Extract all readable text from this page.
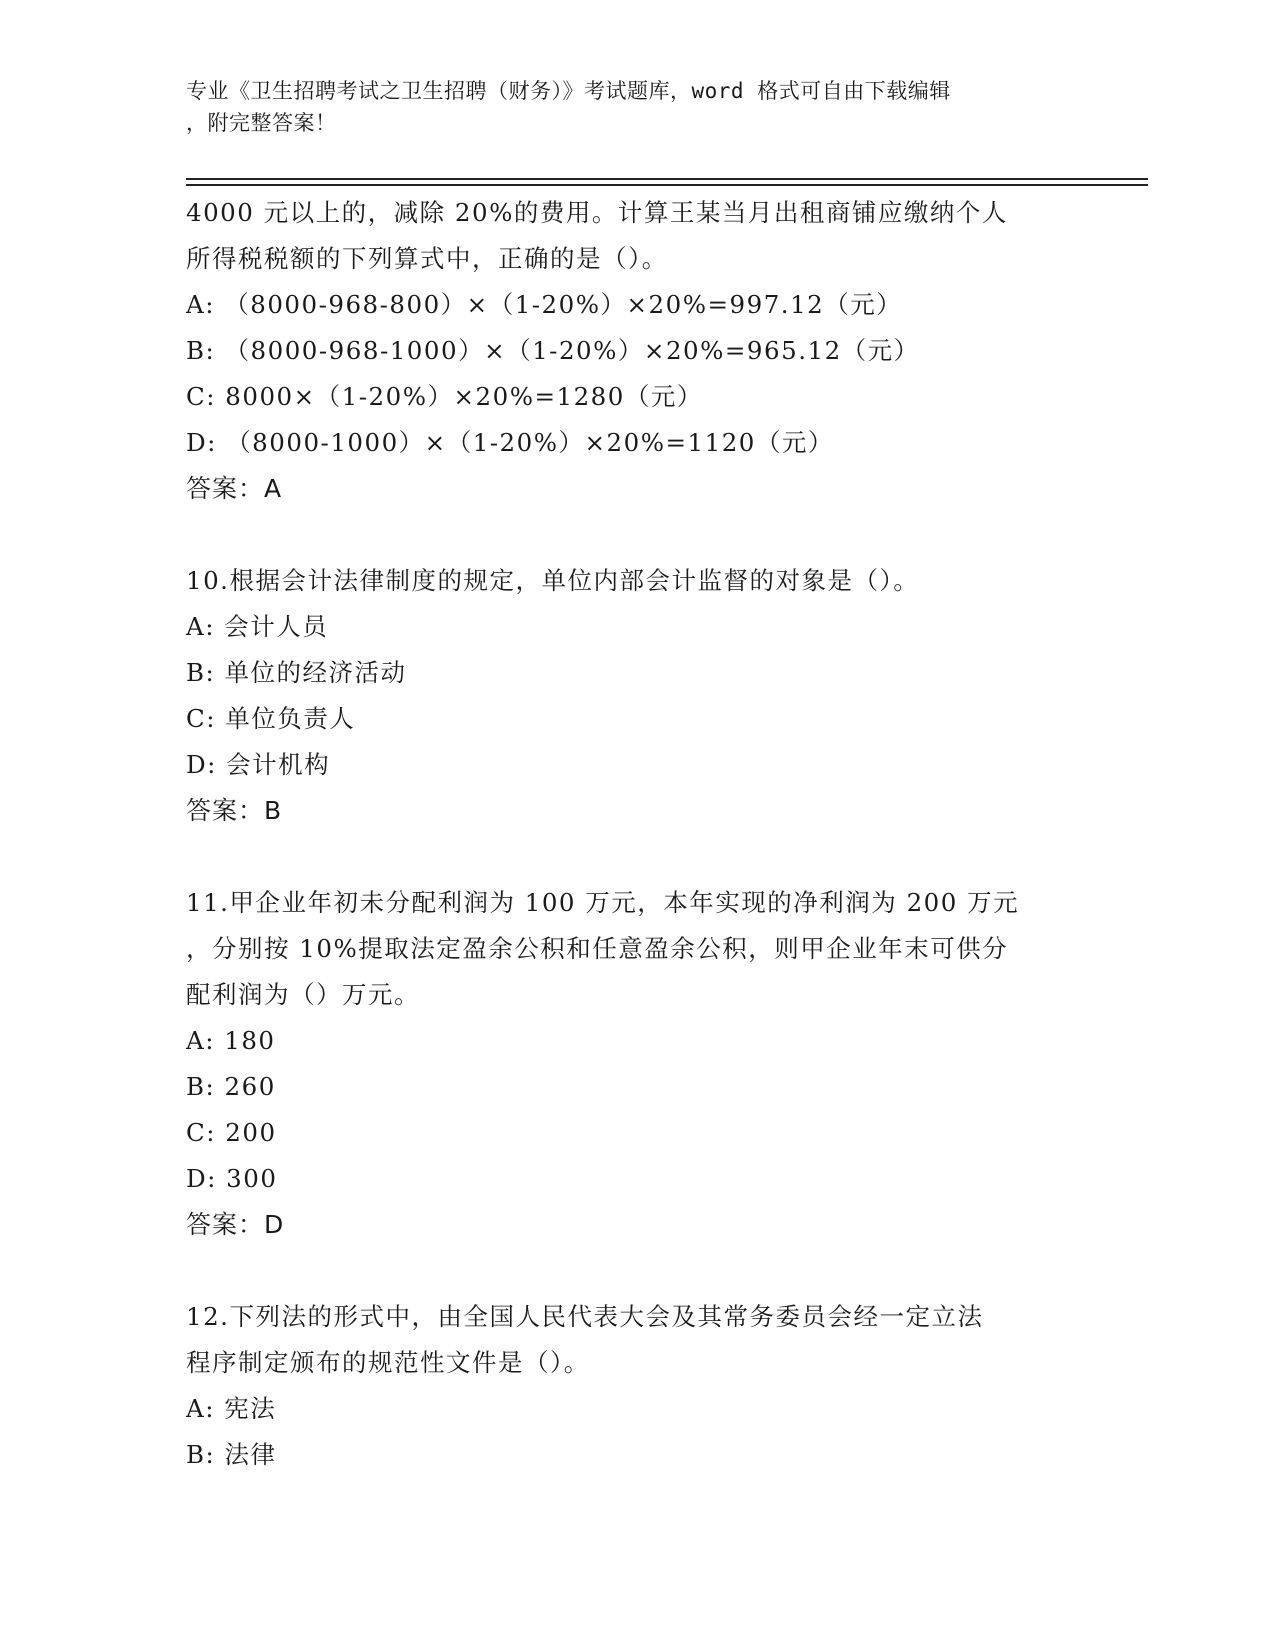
专业《卫生招聘考试之卫生招聘（财务）》考试题库，word 格式可自由下载编辑
，附完整答案！
4000 元以上的，减除 20%的费用。计算王某当月出租商铺应缴纳个人
所得税税额的下列算式中，正确的是（）。
A: （8000-968-800）×（1-20%）×20%=997.12（元）
B: （8000-968-1000）×（1-20%）×20%=965.12（元）
C: 8000×（1-20%）×20%=1280（元）
D: （8000-1000）×（1-20%）×20%=1120（元）
答案：A
10.根据会计法律制度的规定，单位内部会计监督的对象是（）。
A: 会计人员
B: 单位的经济活动
C: 单位负责人
D: 会计机构
答案：B
11.甲企业年初未分配利润为 100 万元，本年实现的净利润为 200 万元
，分别按 10%提取法定盈余公积和任意盈余公积，则甲企业年末可供分
配利润为（）万元。
A: 180
B: 260
C: 200
D: 300
答案：D
12.下列法的形式中，由全国人民代表大会及其常务委员会经一定立法
程序制定颁布的规范性文件是（）。
A: 宪法
B: 法律
